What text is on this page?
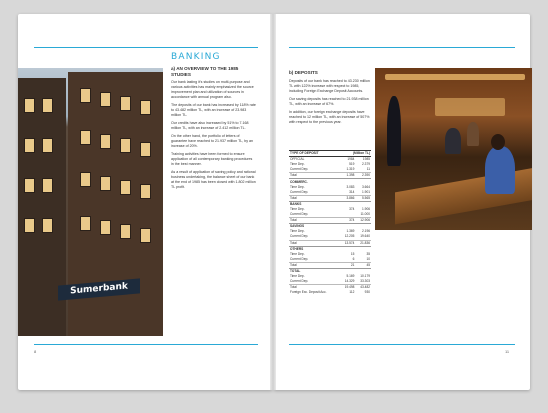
BANKING
Sumerbank
a) AN OVERVIEW TO THE 1985 STUDIES

Our bank lasting it's studies on multi-purpose and various activities has mainly emphasized the source improvement plan and utilization of sources in accordance with annual program also.

The deposits of our bank has increased by 118% rate to 43.482 million TL, with an increase of 23.983 million TL.

Our credits have also increased by 51% to 7.168 million TL, with an increase of 2.412 million TL.

On the other hand, the portfolio of letters of guarantee have reached to 21.937 million TL, by an increase of 20%.

Training activities have been formed to ensure application of all contemporary banking procedures in the best manner.

As a result of application of saving policy and rational business undertaking, the balance sheet of our bank at the end of 1985 has been closed with 1.802 million TL profit.

8
b) DEPOSITS

Deposits of our bank has reached to 43.230 million TL with 122% increase with respect to 1985, including Foreign Exchange Deposit Accounts.

Our saving deposits has reached to 21.938 million TL, with an increase of 67%.

In addition, our foreign exchange deposits have reached to 12 million TL, with an increase of 507% with respect to the previous year.

TYPE OF DEPOSIT	(Million TL)	
OFFICIAL	1984	1985
Time Dep.	519	2.379
Current Dep.	1.319	11
Total	1.398	2.390
COMMERC.		
Time Dep.	3.083	3.664
Current Dep.	314	1.901
Total	3.866	5.565
BANKS		
Time Dep.	374	1.906
Current Dep.		11.000
Total	374	12.906
SAVINGS		
Time Dep.	1.369	2.196
Current Dep.	12.205	19.640
Total	13.574	21.836
OTHERS		
Time Dep.	15	35
Current Dep.	6	10
Total	21	45
TOTAL		
Time Dep.	5.169	10.179
Current Dep.	14.329	33.303
Total	19.498	43.482
Foreign Exc. Deposit Acc.	112	930
11
